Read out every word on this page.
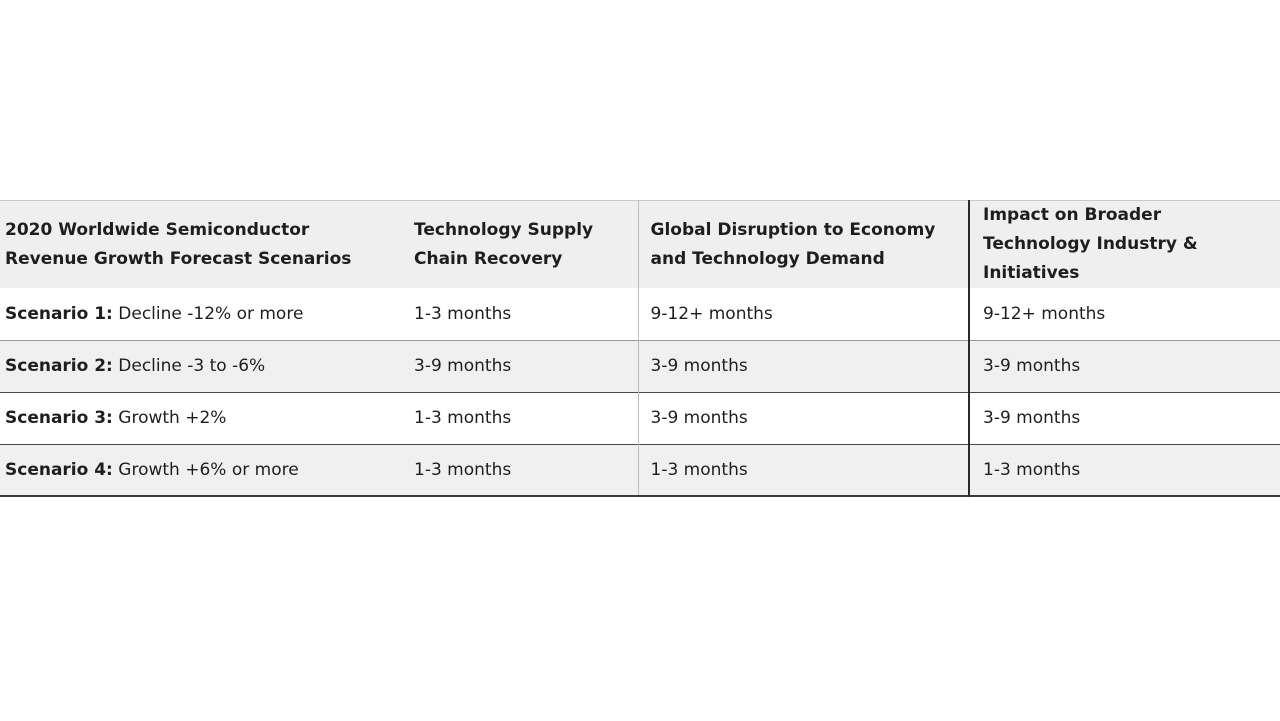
2020 Worldwide Semiconductor Revenue Growth Forecast Scenarios	Technology Supply Chain Recovery	Global Disruption to Economy and Technology Demand	Impact on Broader Technology Industry & Initiatives
Scenario 1: Decline -12% or more	1-3 months	9-12+ months	9-12+ months
Scenario 2: Decline -3 to -6%	3-9 months	3-9 months	3-9 months
Scenario 3: Growth +2%	1-3 months	3-9 months	3-9 months
Scenario 4: Growth +6% or more	1-3 months	1-3 months	1-3 months
